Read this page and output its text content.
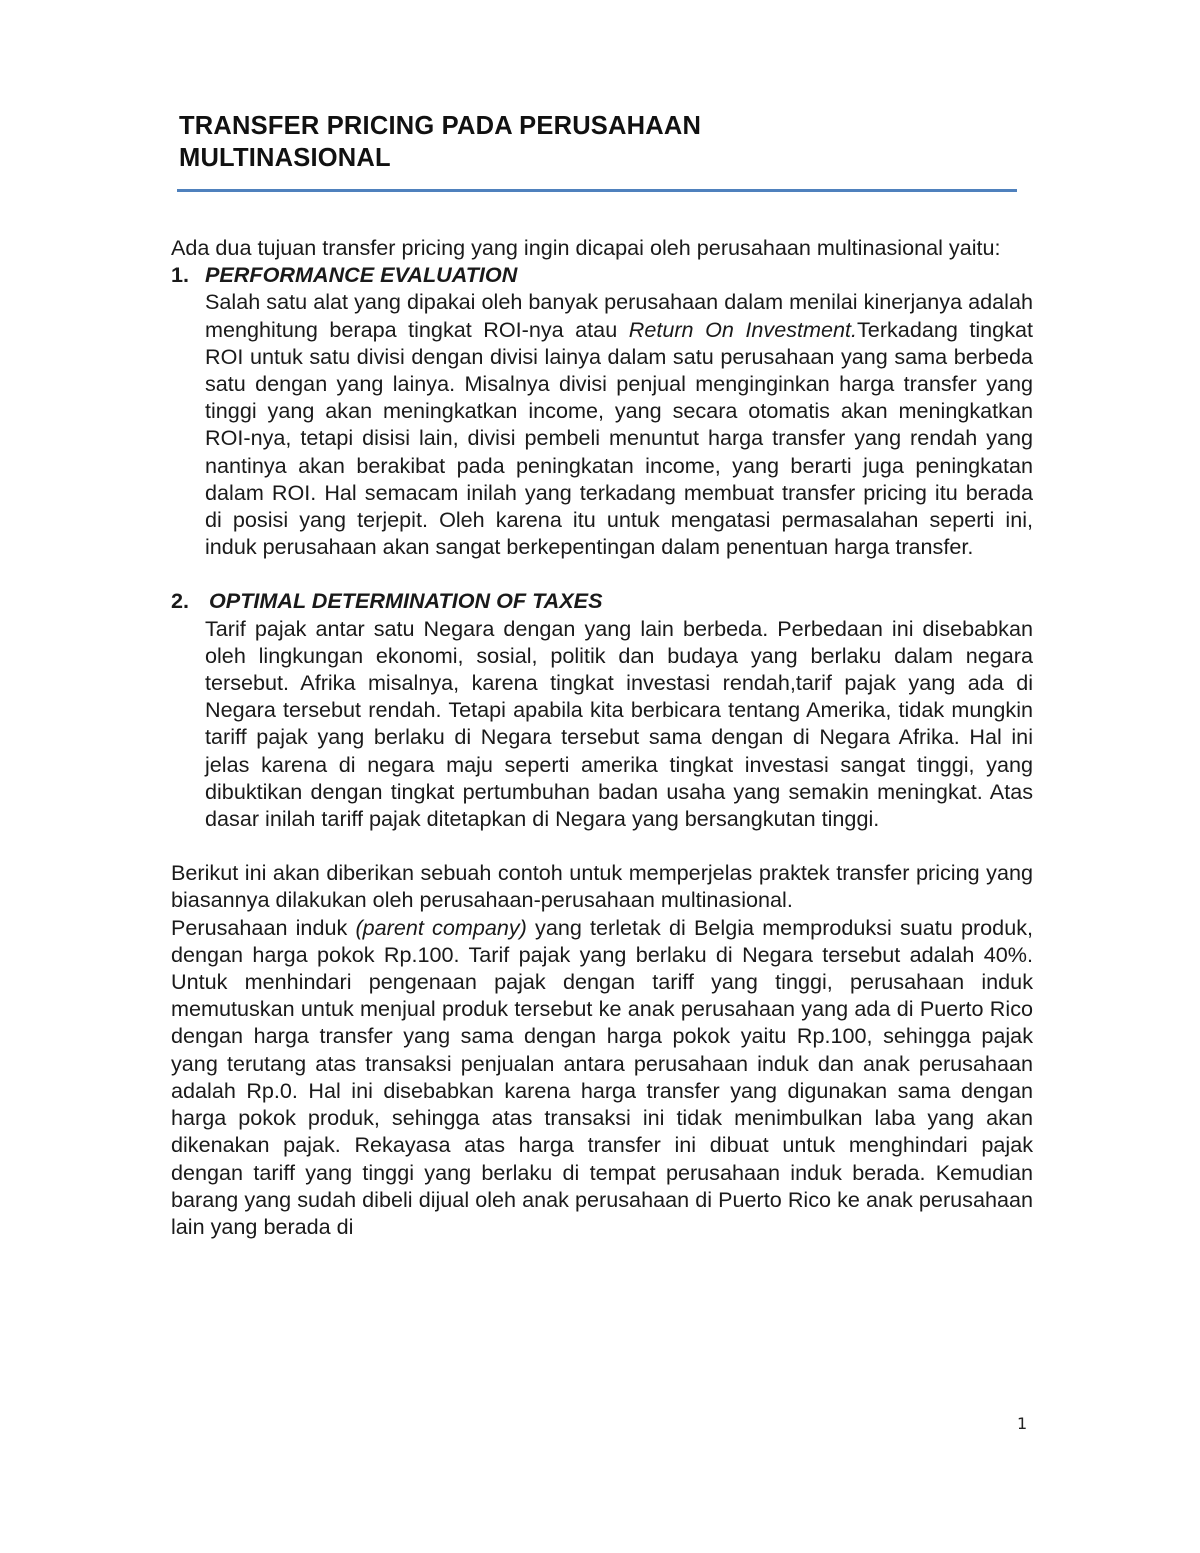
TRANSFER PRICING PADA PERUSAHAAN
MULTINASIONAL

Ada dua tujuan transfer pricing yang ingin dicapai oleh perusahaan multinasional yaitu:

1. PERFORMANCE EVALUATION

Salah satu alat yang dipakai oleh banyak perusahaan dalam menilai kinerjanya adalah menghitung berapa tingkat ROI-nya atau Return On Investment.Terkadang tingkat ROI untuk satu divisi dengan divisi lainya dalam satu perusahaan yang sama berbeda satu dengan yang lainya. Misalnya divisi penjual menginginkan harga transfer yang tinggi yang akan meningkatkan income, yang secara otomatis akan meningkatkan ROI-nya, tetapi disisi lain, divisi pembeli menuntut harga transfer yang rendah yang nantinya akan berakibat pada peningkatan income, yang berarti juga peningkatan dalam ROI. Hal semacam inilah yang terkadang membuat transfer pricing itu berada di posisi yang terjepit. Oleh karena itu untuk mengatasi permasalahan seperti ini, induk perusahaan akan sangat berkepentingan dalam penentuan harga transfer.

2. OPTIMAL DETERMINATION OF TAXES

Tarif pajak antar satu Negara dengan yang lain berbeda. Perbedaan ini disebabkan oleh lingkungan ekonomi, sosial, politik dan budaya yang berlaku dalam negara tersebut. Afrika misalnya, karena tingkat investasi rendah,tarif pajak yang ada di Negara tersebut rendah. Tetapi apabila kita berbicara tentang Amerika, tidak mungkin tariff pajak yang berlaku di Negara tersebut sama dengan di Negara Afrika. Hal ini jelas karena di negara maju seperti amerika tingkat investasi sangat tinggi, yang dibuktikan dengan tingkat pertumbuhan badan usaha yang semakin meningkat. Atas dasar inilah tariff pajak ditetapkan di Negara yang bersangkutan tinggi.

Berikut ini akan diberikan sebuah contoh untuk memperjelas praktek transfer pricing yang biasannya dilakukan oleh perusahaan-perusahaan multinasional.

Perusahaan induk (parent company) yang terletak di Belgia memproduksi suatu produk, dengan harga pokok Rp.100. Tarif pajak yang berlaku di Negara tersebut adalah 40%. Untuk menhindari pengenaan pajak dengan tariff yang tinggi, perusahaan induk memutuskan untuk menjual produk tersebut ke anak perusahaan yang ada di Puerto Rico dengan harga transfer yang sama dengan harga pokok yaitu Rp.100, sehingga pajak yang terutang atas transaksi penjualan antara perusahaan induk dan anak perusahaan adalah Rp.0. Hal ini disebabkan karena harga transfer yang digunakan sama dengan harga pokok produk, sehingga atas transaksi ini tidak menimbulkan laba yang akan dikenakan pajak. Rekayasa atas harga transfer ini dibuat untuk menghindari pajak dengan tariff yang tinggi yang berlaku di tempat perusahaan induk berada. Kemudian barang yang sudah dibeli dijual oleh anak perusahaan di Puerto Rico ke anak perusahaan lain yang berada di

1
